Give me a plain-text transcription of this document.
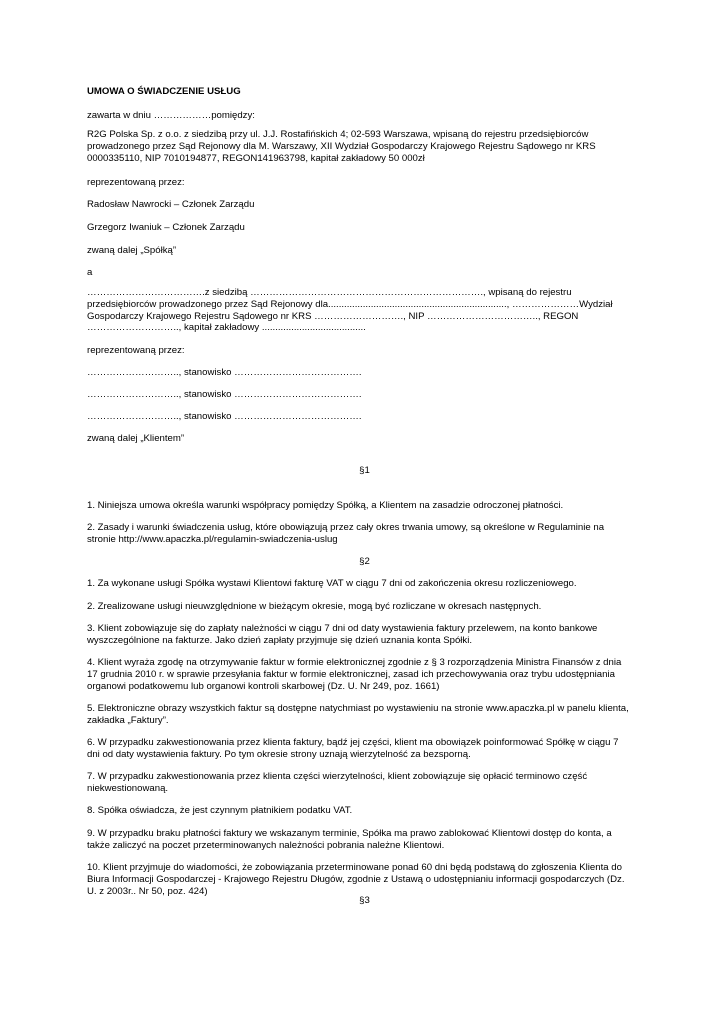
UMOWA O ŚWIADCZENIE USŁUG

zawarta w dniu ………………pomiędzy:

R2G Polska Sp. z o.o. z siedzibą przy ul. J.J. Rostafińskich 4; 02-593 Warszawa, wpisaną do rejestru przedsiębiorców
prowadzonego przez Sąd Rejonowy dla M. Warszawy, XII Wydział Gospodarczy Krajowego Rejestru Sądowego nr KRS
0000335110, NIP 7010194877, REGON141963798, kapitał zakładowy 50 000zł

reprezentowaną przez:

Radosław Nawrocki – Członek Zarządu

Grzegorz Iwaniuk – Członek Zarządu

zwaną dalej „Spółką”

a

……………………………….z siedzibą ………………………………………………………………., wpisaną do rejestru
przedsiębiorców prowadzonego przez Sąd Rejonowy dla..................................................................., …………………Wydział
Gospodarczy Krajowego Rejestru Sądowego nr KRS ………………………., NIP …………………………….., REGON
……………………….., kapitał zakładowy .......................................

reprezentowaną przez:

……………………….., stanowisko ………………………………….

……………………….., stanowisko ………………………………….

……………………….., stanowisko ………………………………….

zwaną dalej „Klientem”

§1

1. Niniejsza umowa określa warunki współpracy pomiędzy Spółką, a Klientem na zasadzie odroczonej płatności.

2. Zasady i warunki świadczenia usług, które obowiązują przez cały okres trwania umowy, są określone w Regulaminie na
stronie http://www.apaczka.pl/regulamin-swiadczenia-uslug

§2

1. Za wykonane usługi Spółka wystawi Klientowi fakturę VAT w ciągu 7 dni od zakończenia okresu rozliczeniowego.

2. Zrealizowane usługi nieuwzględnione w bieżącym okresie, mogą być rozliczane w okresach następnych.

3. Klient zobowiązuje się do zapłaty należności w ciągu 7 dni od daty wystawienia faktury przelewem, na konto bankowe
wyszczególnione na fakturze. Jako dzień zapłaty przyjmuje się dzień uznania konta Spółki.

4. Klient wyraża zgodę na otrzymywanie faktur w formie elektronicznej zgodnie z § 3 rozporządzenia Ministra Finansów z dnia
17 grudnia 2010 r. w sprawie przesyłania faktur w formie elektronicznej, zasad ich przechowywania oraz trybu udostępniania
organowi podatkowemu lub organowi kontroli skarbowej (Dz. U. Nr 249, poz. 1661)

5. Elektroniczne obrazy wszystkich faktur są dostępne natychmiast po wystawieniu na stronie www.apaczka.pl w panelu klienta,
zakładka „Faktury”.

6. W przypadku zakwestionowania przez klienta faktury, bądź jej części, klient ma obowiązek poinformować Spółkę w ciągu 7
dni od daty wystawienia faktury. Po tym okresie strony uznają wierzytelność za bezsporną.

7. W przypadku zakwestionowania przez klienta części wierzytelności, klient zobowiązuje się opłacić terminowo część
niekwestionowaną.

8. Spółka oświadcza, że jest czynnym płatnikiem podatku VAT.

9. W przypadku braku płatności faktury we wskazanym terminie, Spółka ma prawo zablokować Klientowi dostęp do konta, a
także zaliczyć na poczet przeterminowanych należności pobrania należne Klientowi.

10. Klient przyjmuje do wiadomości, że zobowiązania przeterminowane ponad 60 dni będą podstawą do zgłoszenia Klienta do
Biura Informacji Gospodarczej - Krajowego Rejestru Długów, zgodnie z Ustawą o udostępnianiu informacji gospodarczych (Dz.
U. z 2003r.. Nr 50, poz. 424)

§3
